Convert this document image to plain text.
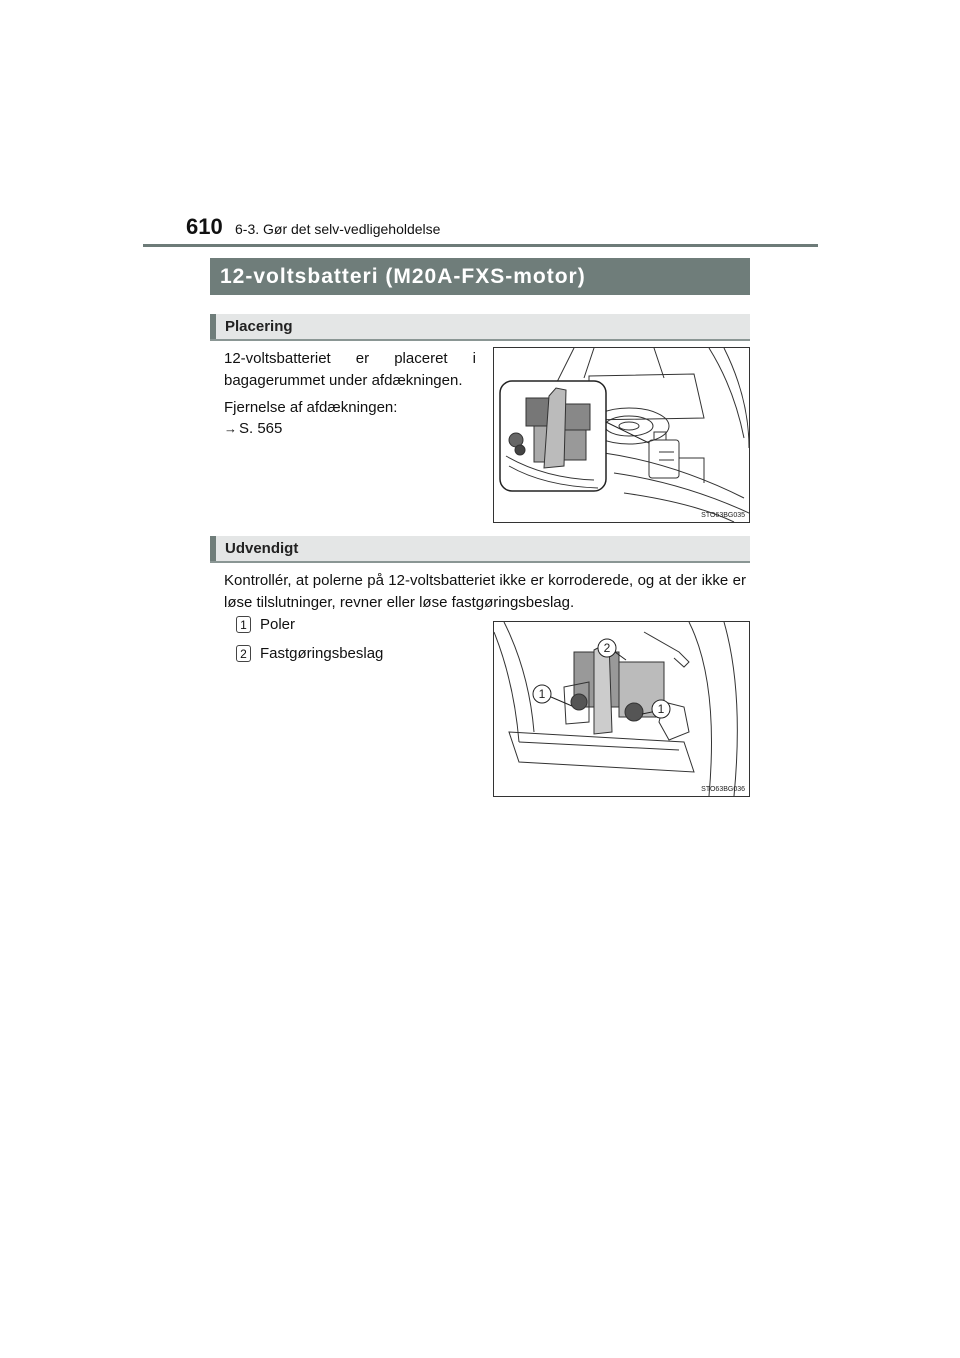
610 6-3. Gør det selv-vedligeholdelse
12-voltsbatteri (M20A-FXS-motor)
Placering
12-voltsbatteriet er placeret i bagagerummet under afdækningen.
Fjernelse af afdækningen:
→ S. 565
STO63BG035
Udvendigt
Kontrollér, at polerne på 12-voltsbatteriet ikke er korroderede, og at der ikke er løse tilslutninger, revner eller løse fastgøringsbeslag.
1 Poler
2 Fastgøringsbeslag
1
2
1
STO63BG036
